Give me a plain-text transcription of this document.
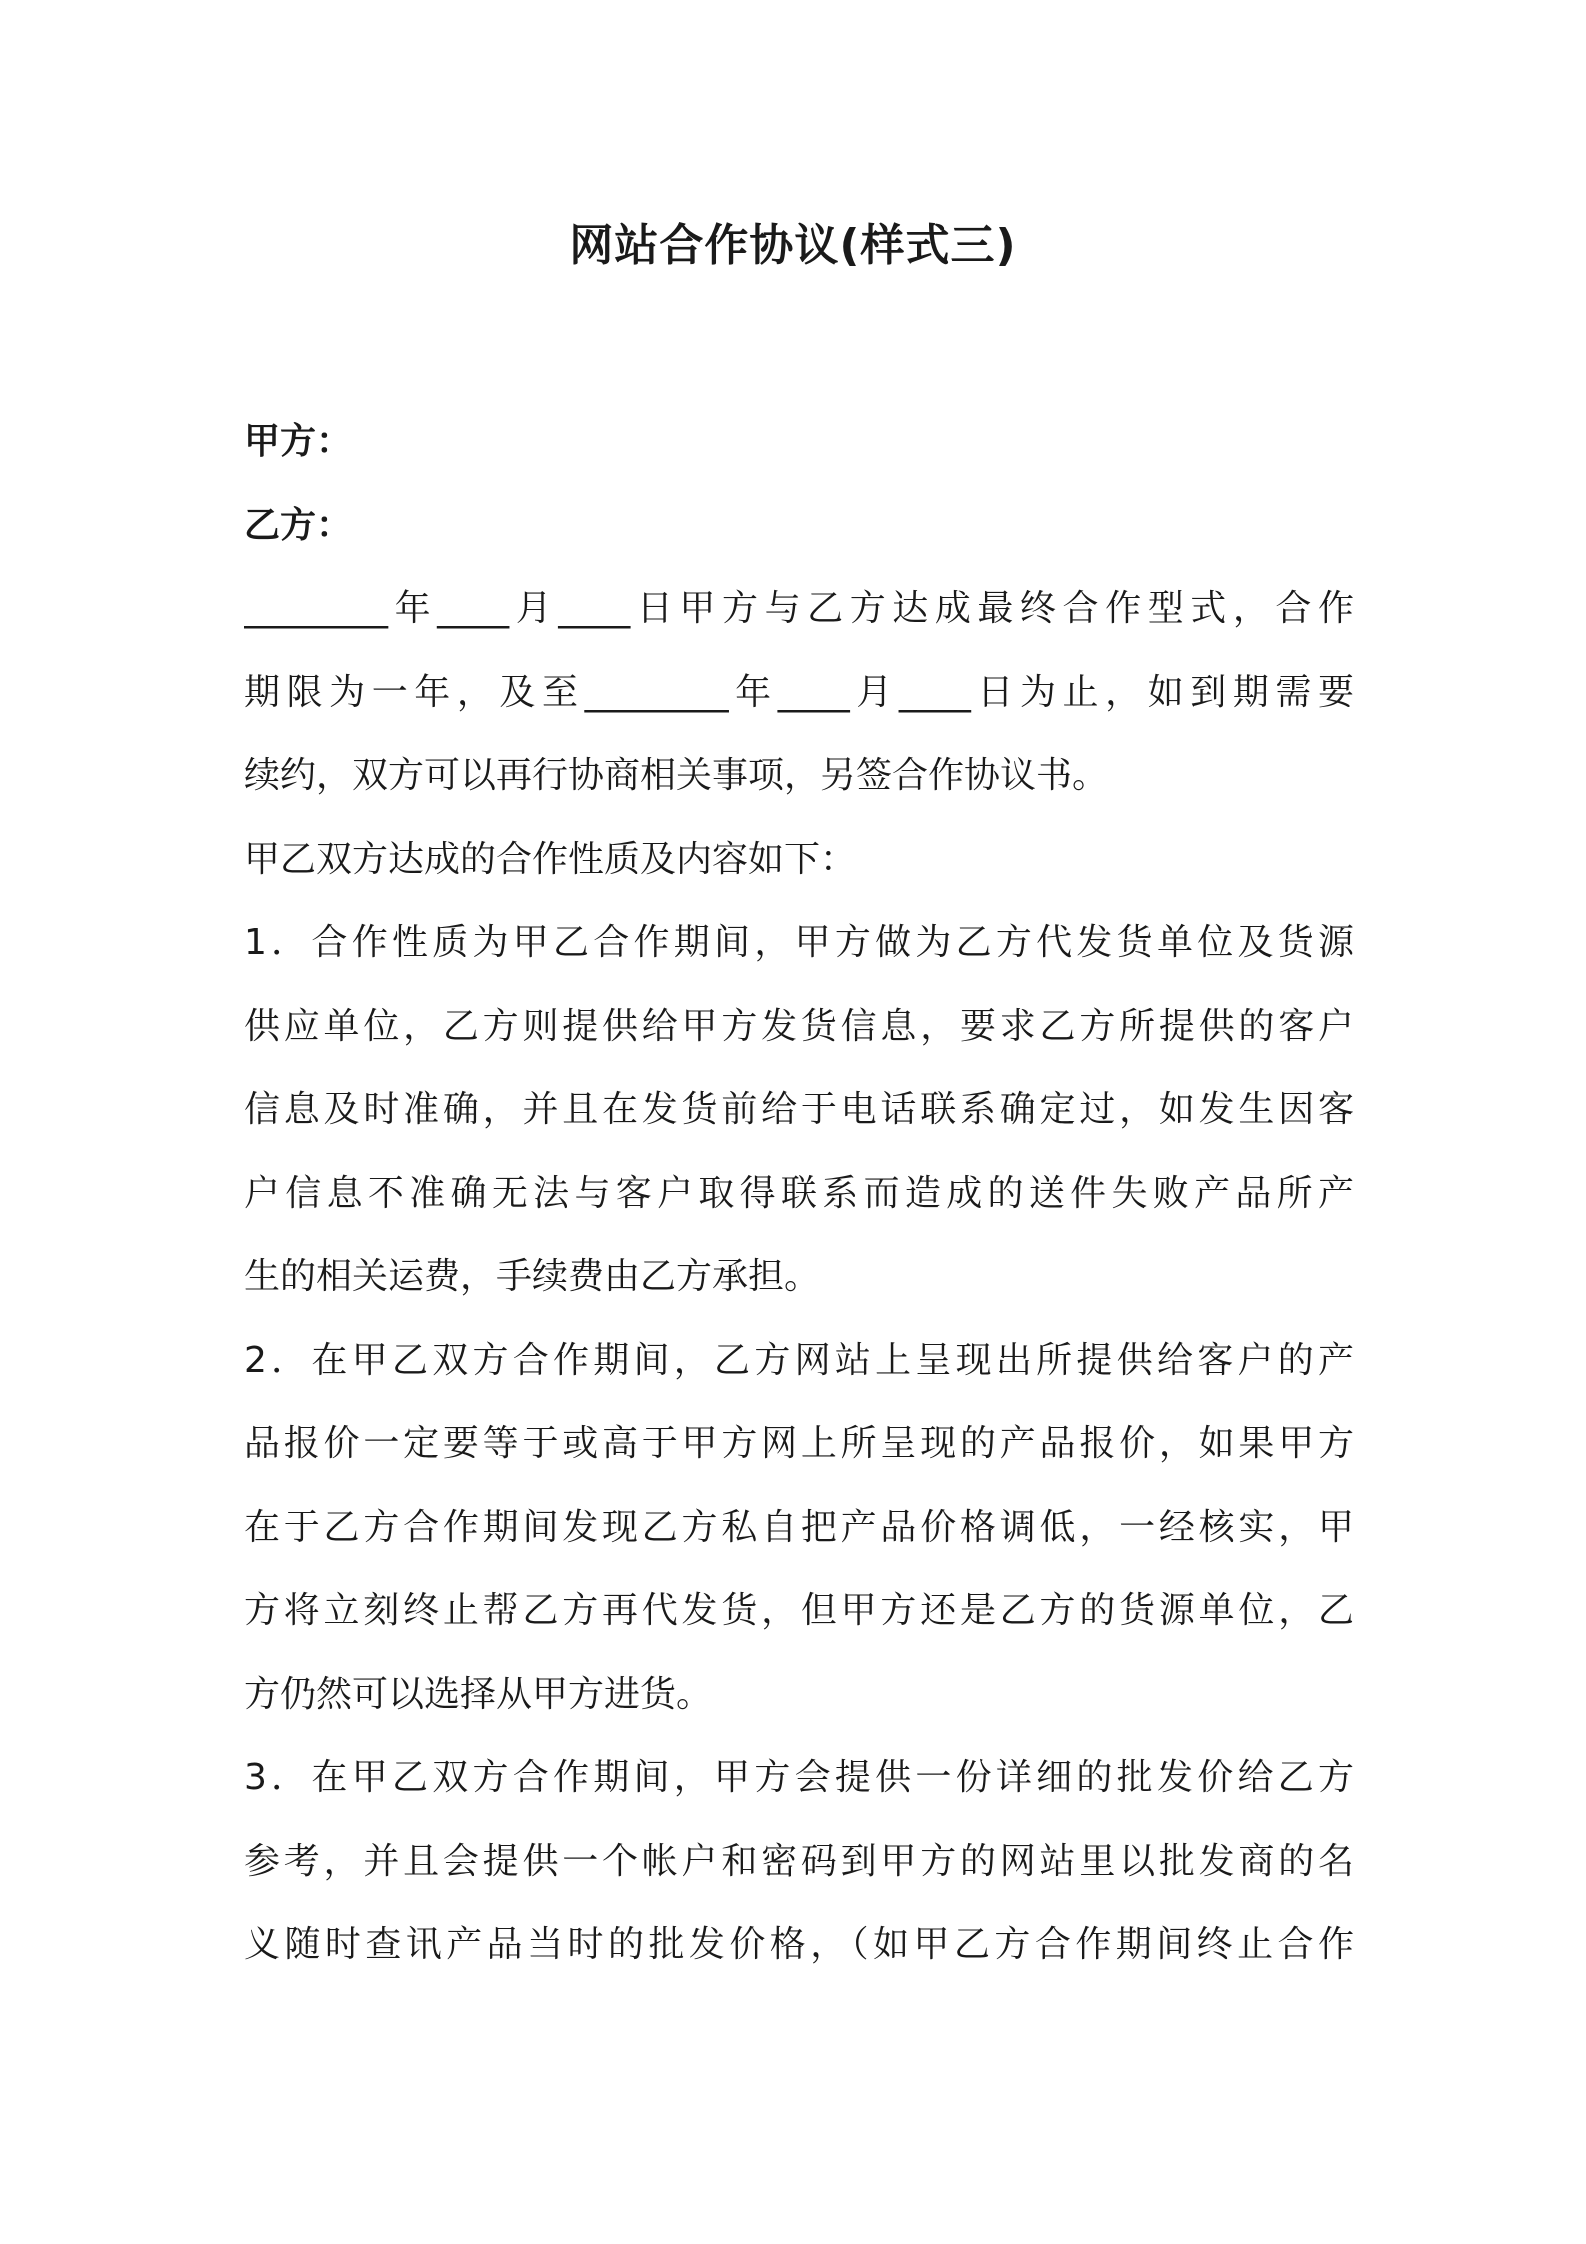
网站合作协议(样式三)
甲方：
乙方：
________年____月____日甲方与乙方达成最终合作型式，合作
期限为一年，及至________年____月____日为止，如到期需要
续约，双方可以再行协商相关事项，另签合作协议书。
甲乙双方达成的合作性质及内容如下：
1．合作性质为甲乙合作期间，甲方做为乙方代发货单位及货源
供应单位，乙方则提供给甲方发货信息，要求乙方所提供的客户
信息及时准确，并且在发货前给于电话联系确定过，如发生因客
户信息不准确无法与客户取得联系而造成的送件失败产品所产
生的相关运费，手续费由乙方承担。
2．在甲乙双方合作期间，乙方网站上呈现出所提供给客户的产
品报价一定要等于或高于甲方网上所呈现的产品报价，如果甲方
在于乙方合作期间发现乙方私自把产品价格调低，一经核实，甲
方将立刻终止帮乙方再代发货，但甲方还是乙方的货源单位，乙
方仍然可以选择从甲方进货。
3．在甲乙双方合作期间，甲方会提供一份详细的批发价给乙方
参考，并且会提供一个帐户和密码到甲方的网站里以批发商的名
义随时查讯产品当时的批发价格，（如甲乙方合作期间终止合作
